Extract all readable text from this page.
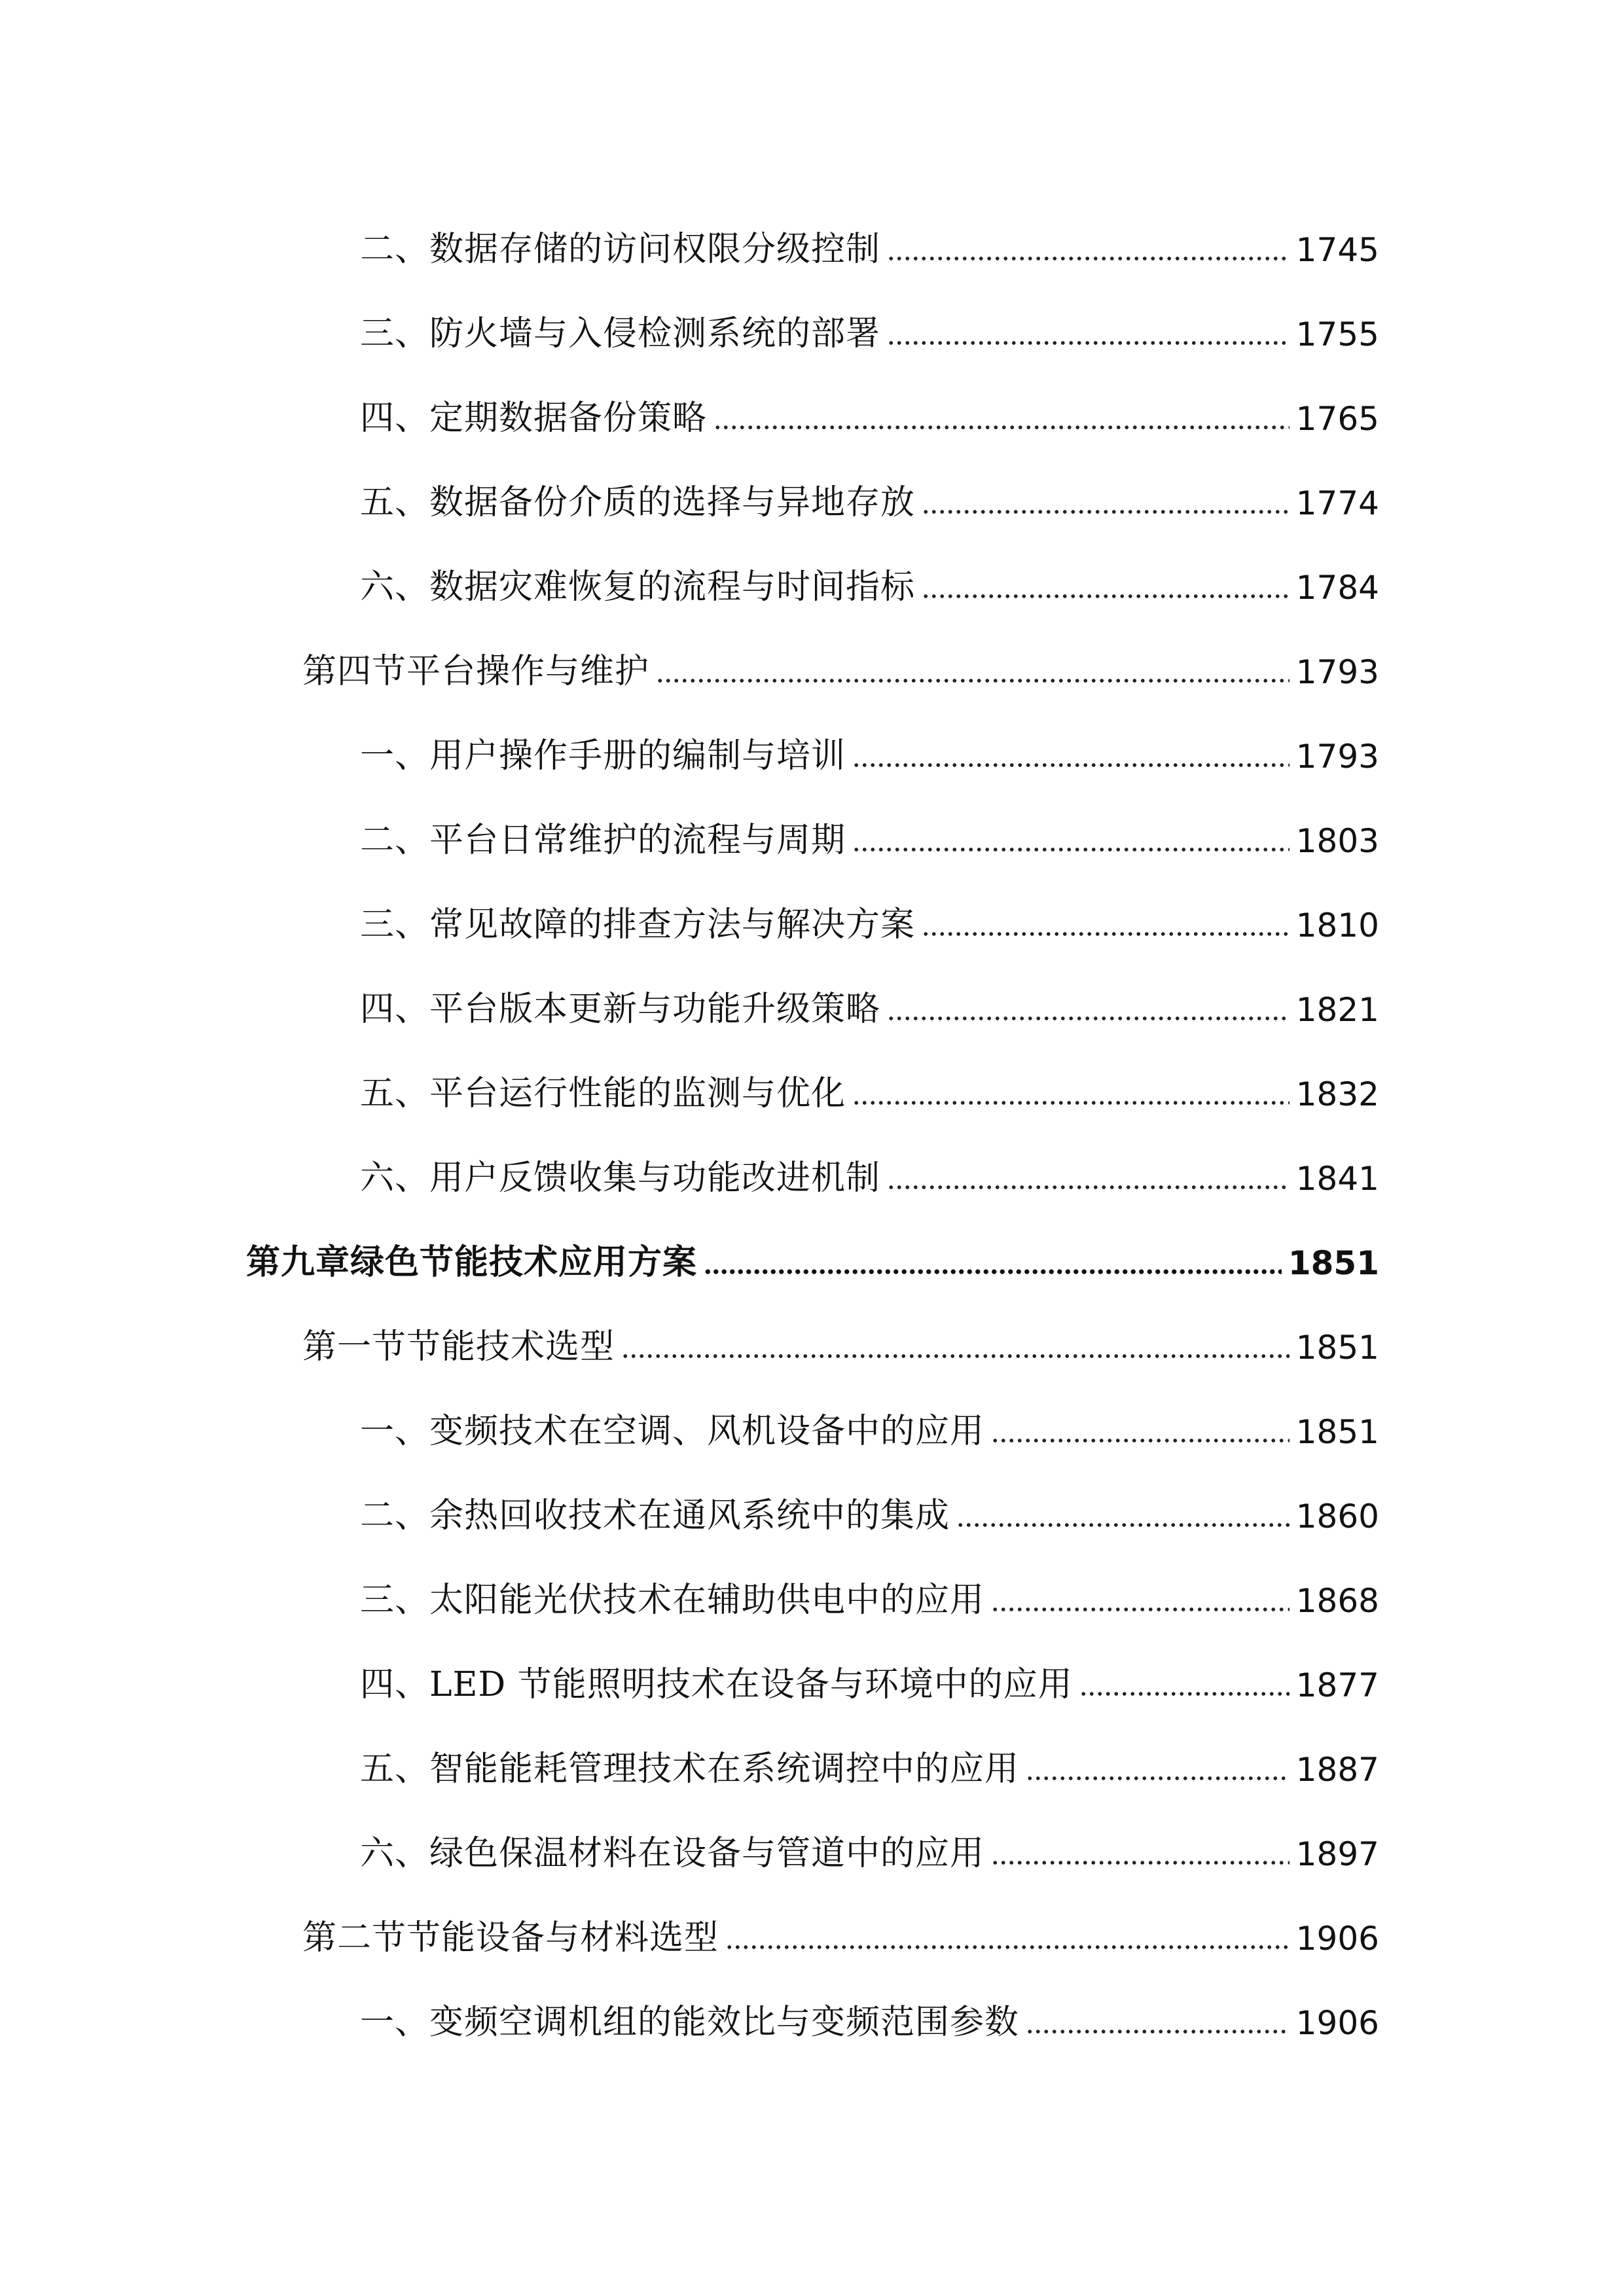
二、数据存储的访问权限分级控制	1745
三、防火墙与入侵检测系统的部署	1755
四、定期数据备份策略	1765
五、数据备份介质的选择与异地存放	1774
六、数据灾难恢复的流程与时间指标	1784
第四节平台操作与维护	1793
一、用户操作手册的编制与培训	1793
二、平台日常维护的流程与周期	1803
三、常见故障的排查方法与解决方案	1810
四、平台版本更新与功能升级策略	1821
五、平台运行性能的监测与优化	1832
六、用户反馈收集与功能改进机制	1841
第九章绿色节能技术应用方案	1851
第一节节能技术选型	1851
一、变频技术在空调、风机设备中的应用	1851
二、余热回收技术在通风系统中的集成	1860
三、太阳能光伏技术在辅助供电中的应用	1868
四、LED 节能照明技术在设备与环境中的应用	1877
五、智能能耗管理技术在系统调控中的应用	1887
六、绿色保温材料在设备与管道中的应用	1897
第二节节能设备与材料选型	1906
一、变频空调机组的能效比与变频范围参数	1906
